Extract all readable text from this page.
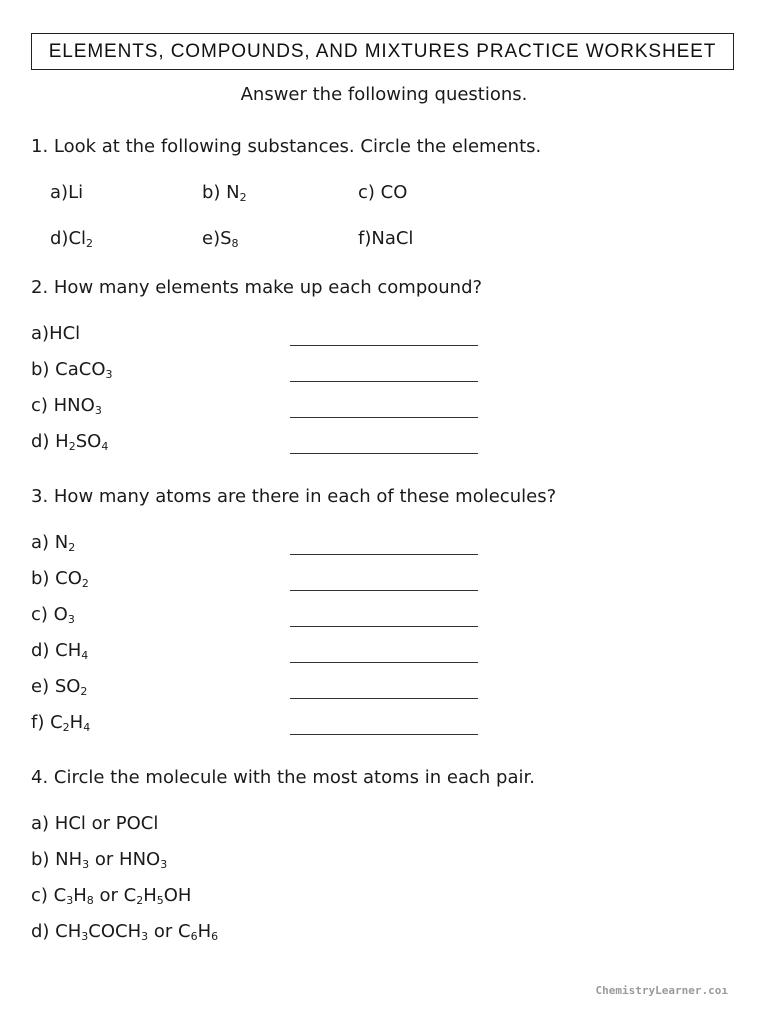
ELEMENTS, COMPOUNDS, AND MIXTURES PRACTICE WORKSHEET
Answer the following questions.
1. Look at the following substances. Circle the elements.
a)Li	b) $N_2$	c) CO
$d)Cl_2$	$e)S_8$	f)NaCl
2. How many elements make up each compound?
a)HCl
b) CaCO$_3$
c) $HNO_3$
d) $H_2SO_4$
3. How many atoms are there in each of these molecules?
a) $N_2$
b) $CO_2$
c) $O_3$
d) $CH_4$
e) $SO_2$
f) $C_2H_4$
4. Circle the molecule with the most atoms in each pair.
a) HCl or POCl
b) $NH_3$ or $HNO_3$
c) $C_3H_8$ or $C_2H_5OH$
d) $CH_3COCH_3$ or $C_6H_6$
ChemistryLearner.coı
